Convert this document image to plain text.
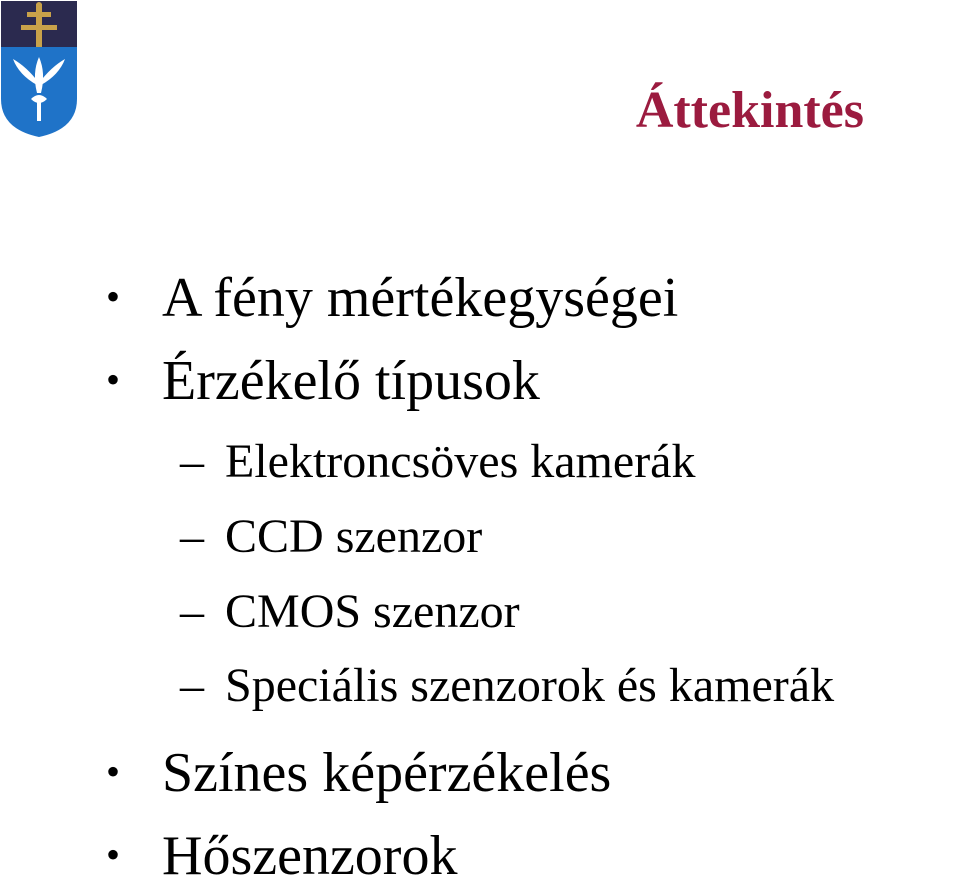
Áttekintés
• A fény mértékegységei
• Érzékelő típusok
– Elektroncsöves kamerák
– CCD szenzor
– CMOS szenzor
– Speciális szenzorok és kamerák
• Színes képérzékelés
• Hőszenzorok
